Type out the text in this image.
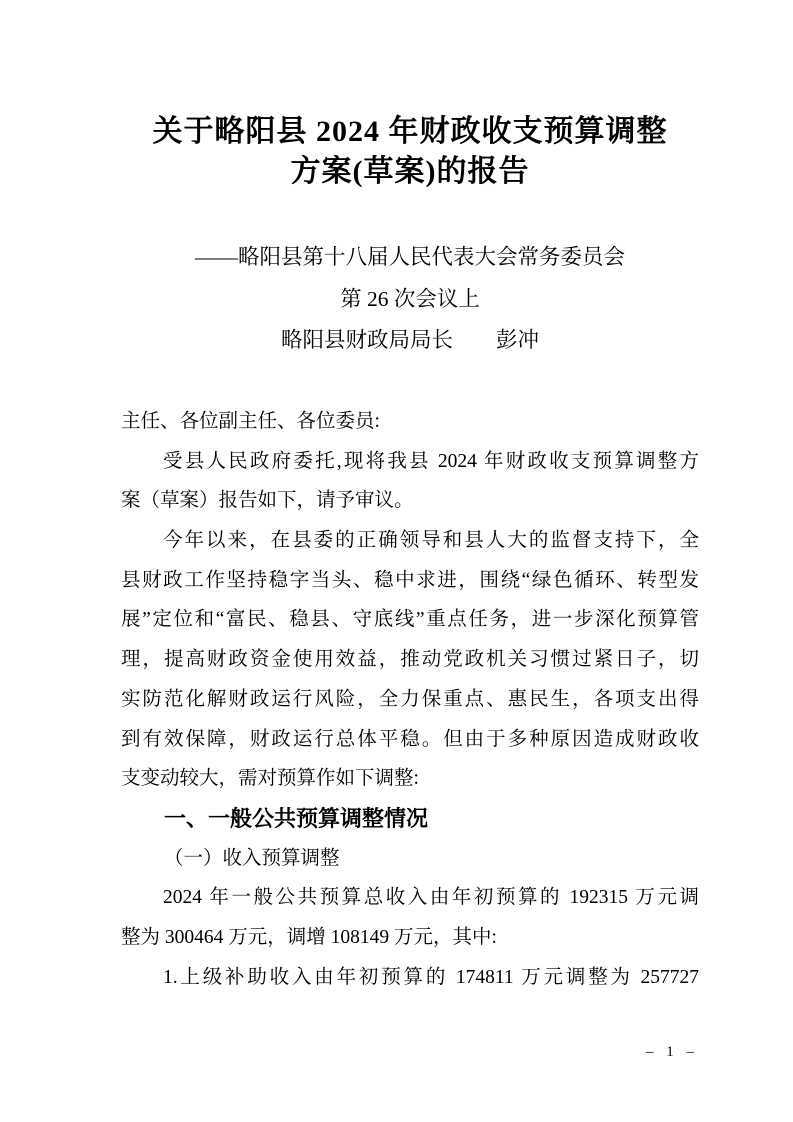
关于略阳县 2024 年财政收支预算调整
方案(草案)的报告
——略阳县第十八届人民代表大会常务委员会
第 26 次会议上
略阳县财政局局长　　彭冲
主任、各位副主任、各位委员:
受县人民政府委托,现将我县 2024 年财政收支预算调整方
案（草案）报告如下，请予审议。
今年以来，在县委的正确领导和县人大的监督支持下，全
县财政工作坚持稳字当头、稳中求进，围绕“绿色循环、转型发
展”定位和“富民、稳县、守底线”重点任务，进一步深化预算管
理，提高财政资金使用效益，推动党政机关习惯过紧日子，切
实防范化解财政运行风险，全力保重点、惠民生，各项支出得
到有效保障，财政运行总体平稳。但由于多种原因造成财政收
支变动较大，需对预算作如下调整:
一、一般公共预算调整情况
（一）收入预算调整
2024 年一般公共预算总收入由年初预算的 192315 万元调
整为 300464 万元，调增 108149 万元，其中:
1.上级补助收入由年初预算的 174811 万元调整为 257727
– 1 –
